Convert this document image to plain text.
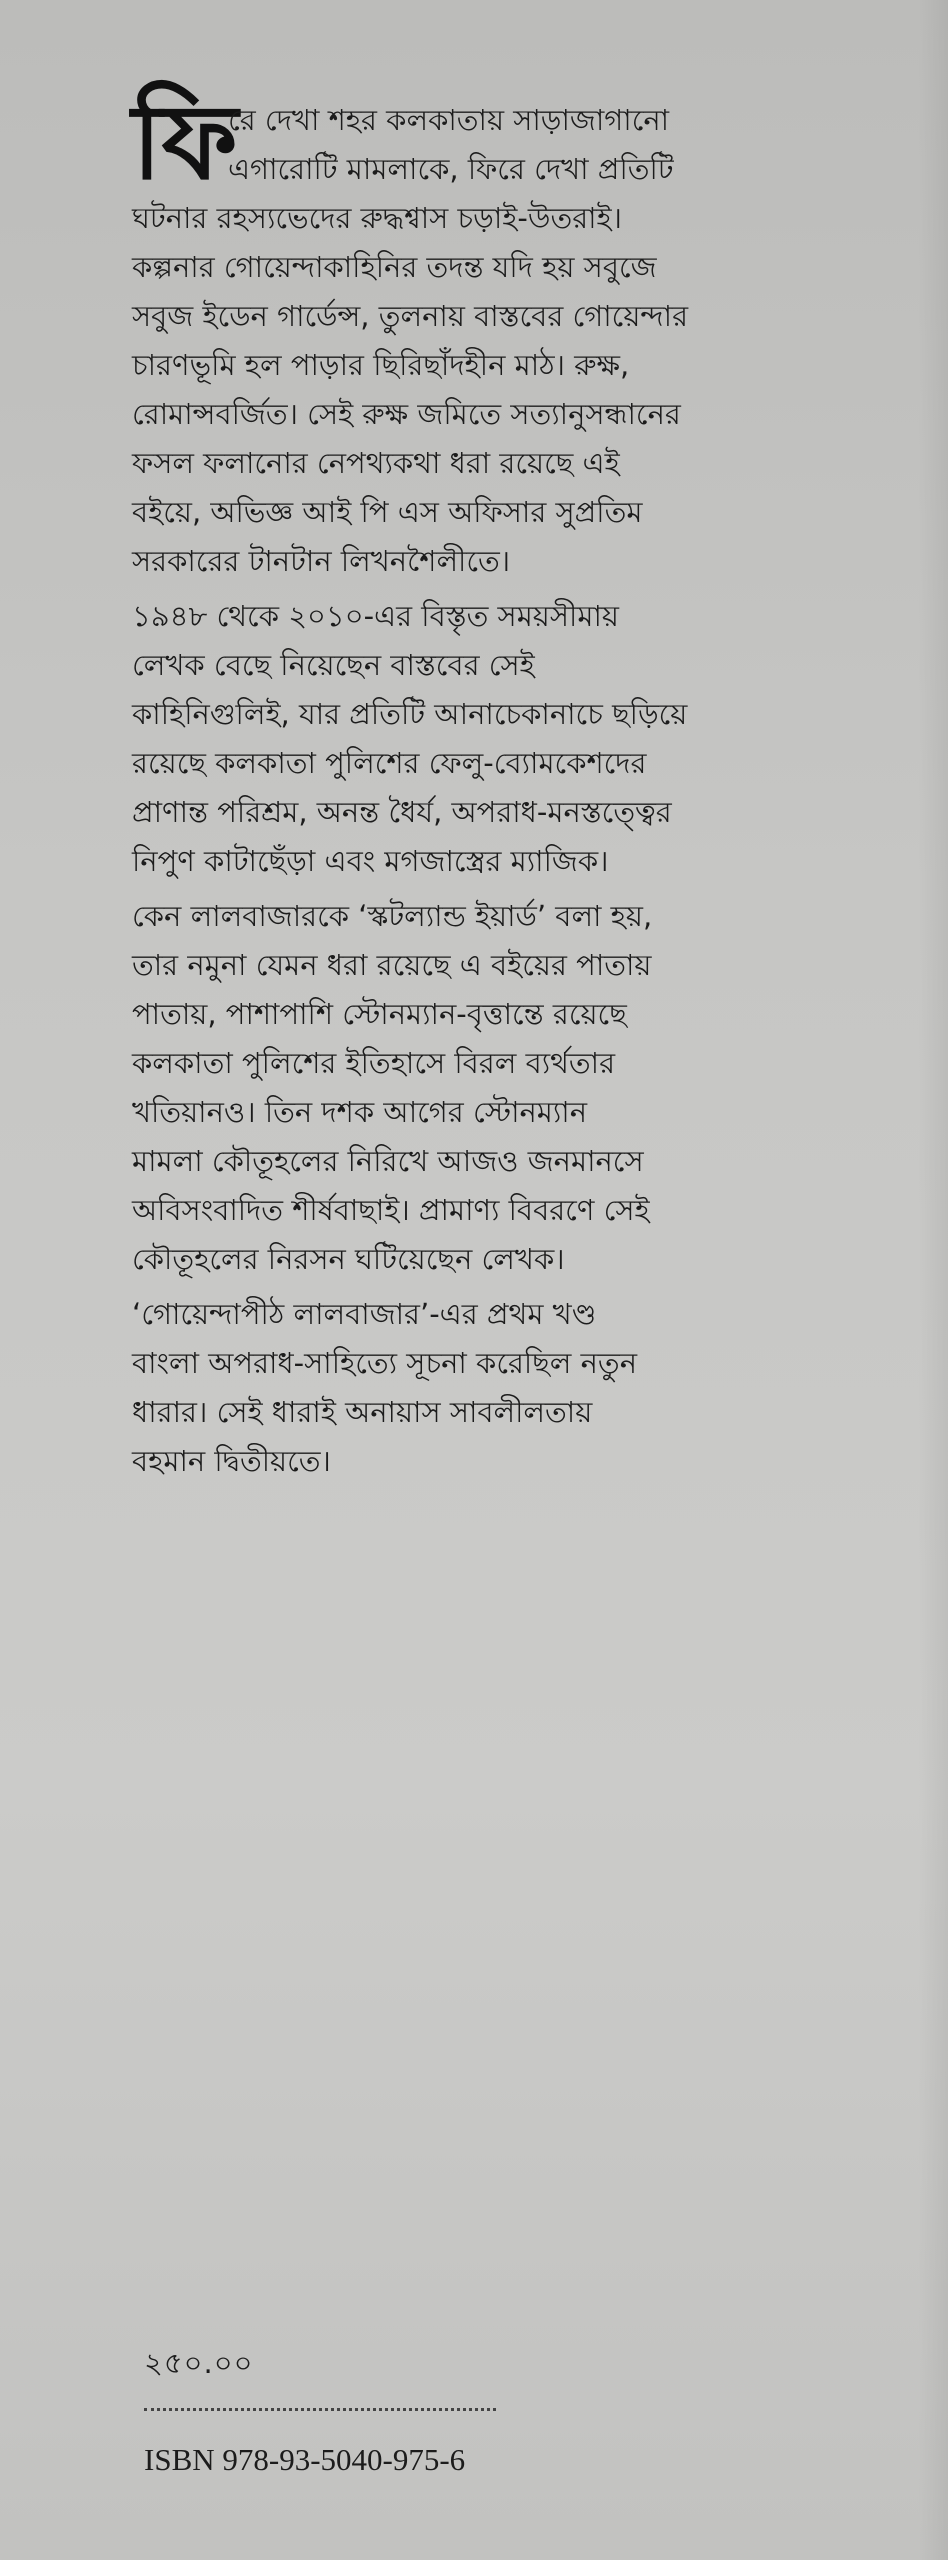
ফি
রে দেখা শহর কলকাতায় সাড়াজাগানো
এগারোটি মামলাকে, ফিরে দেখা প্রতিটি
ঘটনার রহস্যভেদের রুদ্ধশ্বাস চড়াই-উতরাই।
কল্পনার গোয়েন্দাকাহিনির তদন্ত যদি হয় সবুজে
সবুজ ইডেন গার্ডেন্স, তুলনায় বাস্তবের গোয়েন্দার
চারণভূমি হল পাড়ার ছিরিছাঁদহীন মাঠ। রুক্ষ,
রোমান্সবর্জিত। সেই রুক্ষ জমিতে সত্যানুসন্ধানের
ফসল ফলানোর নেপথ্যকথা ধরা রয়েছে এই
বইয়ে, অভিজ্ঞ আই পি এস অফিসার সুপ্রতিম
সরকারের টানটান লিখনশৈলীতে।
১৯৪৮ থেকে ২০১০-এর বিস্তৃত সময়সীমায়
লেখক বেছে নিয়েছেন বাস্তবের সেই
কাহিনিগুলিই, যার প্রতিটি আনাচেকানাচে ছড়িয়ে
রয়েছে কলকাতা পুলিশের ফেলু-ব্যোমকেশদের
প্রাণান্ত পরিশ্রম, অনন্ত ধৈর্য, অপরাধ-মনস্তত্ত্বের
নিপুণ কাটাছেঁড়া এবং মগজাস্ত্রের ম্যাজিক।
কেন লালবাজারকে ‘স্কটল্যান্ড ইয়ার্ড’ বলা হয়,
তার নমুনা যেমন ধরা রয়েছে এ বইয়ের পাতায়
পাতায়, পাশাপাশি স্টোনম্যান-বৃত্তান্তে রয়েছে
কলকাতা পুলিশের ইতিহাসে বিরল ব্যর্থতার
খতিয়ানও। তিন দশক আগের স্টোনম্যান
মামলা কৌতূহলের নিরিখে আজও জনমানসে
অবিসংবাদিত শীর্ষবাছাই। প্রামাণ্য বিবরণে সেই
কৌতূহলের নিরসন ঘটিয়েছেন লেখক।
‘গোয়েন্দাপীঠ লালবাজার’-এর প্রথম খণ্ড
বাংলা অপরাধ-সাহিত্যে সূচনা করেছিল নতুন
ধারার। সেই ধারাই অনায়াস সাবলীলতায়
বহমান দ্বিতীয়তে।
২৫০.০০
ISBN 978-93-5040-975-6
